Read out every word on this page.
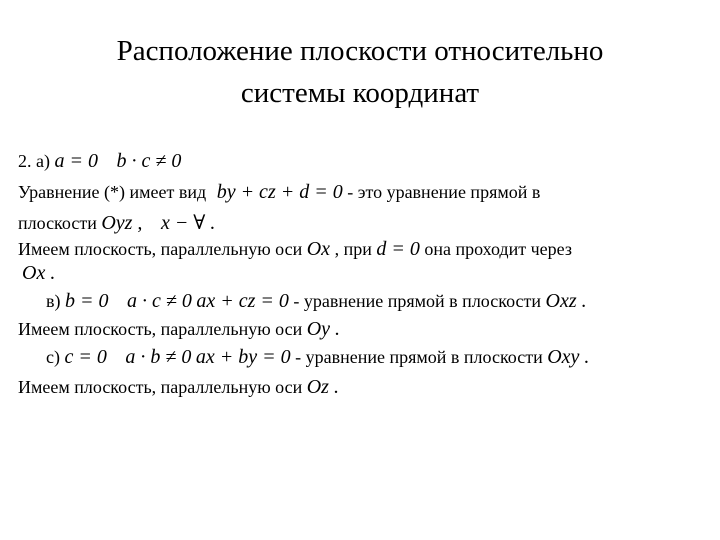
Расположение плоскости относительно
системы координат
2. а) a = 0 b · c ≠ 0
Уравнение (*) имеет вид by + cz + d = 0 - это уравнение прямой в
плоскости Oyz , x − ∀ .
Имеем плоскость, параллельную оси Ox , при d = 0 она проходит через
Ox .
в) b = 0 a · c ≠ 0 ax + cz = 0 - уравнение прямой в плоскости Oxz .
Имеем плоскость, параллельную оси Oy .
с) c = 0 a · b ≠ 0 ax + by = 0 - уравнение прямой в плоскости Oxy .
Имеем плоскость, параллельную оси Oz .
